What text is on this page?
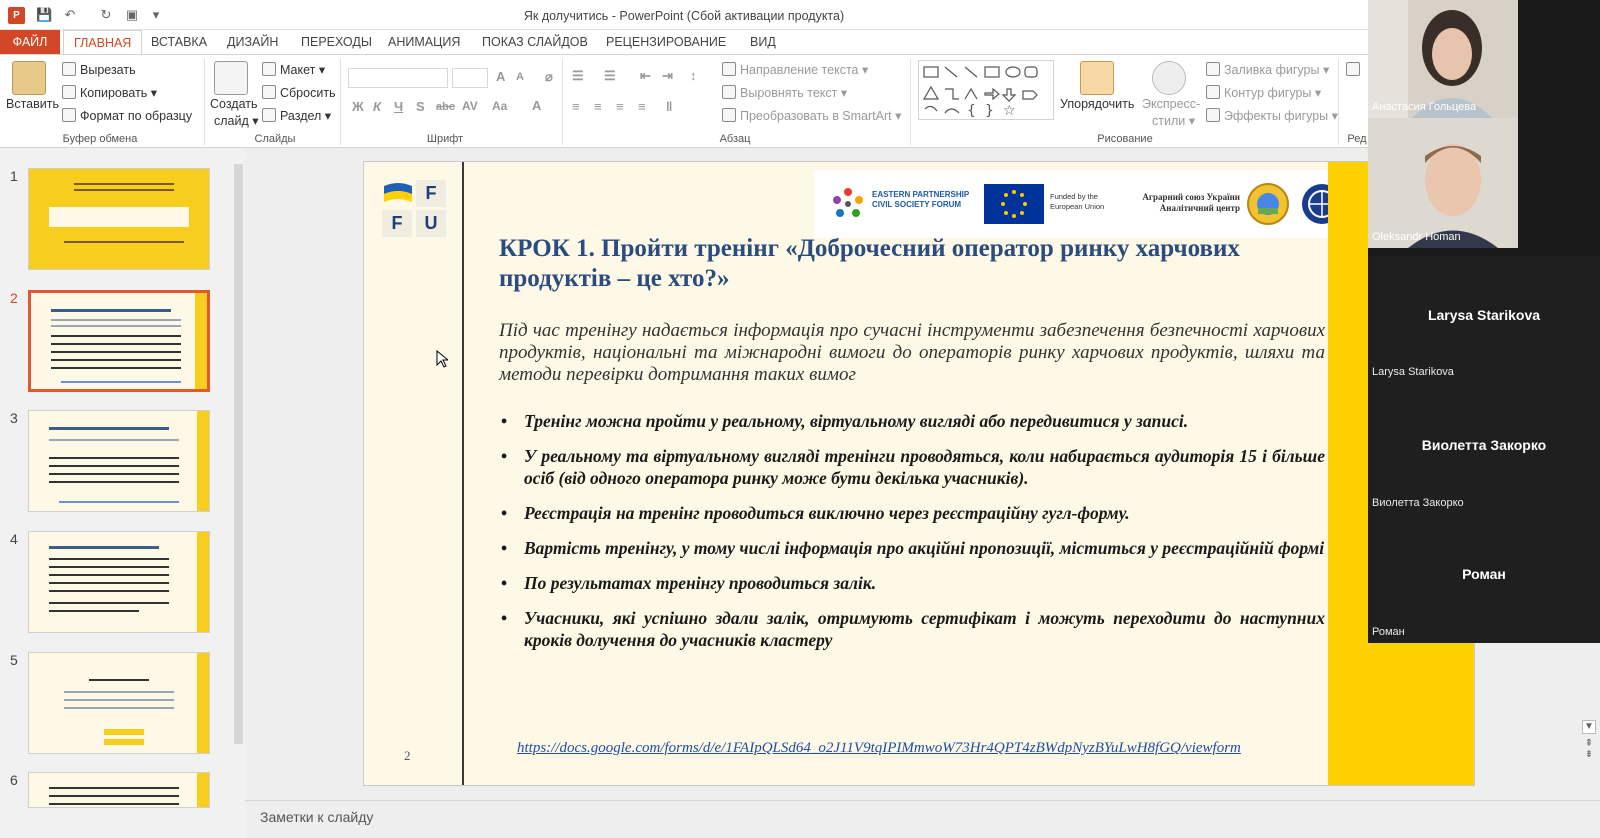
P	💾 ↶ ↻ ▣	▾	Як долучитись - PowerPoint (Сбой активации продукта)
ФАЙЛ	ГЛАВНАЯ	ВСТАВКА	ДИЗАЙН	ПЕРЕХОДЫ	АНИМАЦИЯ	ПОКАЗ СЛАЙДОВ	РЕЦЕНЗИРОВАНИЕ	ВИД
Вставить
Вырезать
Копировать ▾
Формат по образцу
Буфер обмена
Создать
слайд ▾
Макет ▾
Сбросить
Раздел ▾
Слайды
A A ⌀
Ж К Ч S abc AV Aa A
Шрифт
☰ ☰ ⇤ ⇥ ↕
≡ ≡ ≡ ≡ ‖
Направление текста ▾
Выровнять текст ▾
Преобразовать в SmartArt ▾
Абзац
{ } ☆	Упорядочить Экспресс-
стили ▾
Заливка фигуры ▾
Контур фигуры ▾
Эффекты фигуры ▾
Рисование	Ред
1
2
3
4
5
6
F
F	U
EASTERN PARTNERSHIP CIVIL SOCIETY FORUM
Funded by the European Union
Аграрний союз України Аналітичний центр
КРОК 1. Пройти тренінг «Доброчесний оператор ринку харчових продуктів – це хто?»
Під час тренінгу надається інформація про сучасні інструменти забезпечення безпечності харчових продуктів, національні та міжнародні вимоги до операторів ринку харчових продуктів, шляхи та методи перевірки дотримання таких вимог
• Тренінг можна пройти у реальному, віртуальному вигляді або передивитися у записі.
• У реальному та віртуальному вигляді тренінги проводяться, коли набирається аудиторія 15 і більше осіб (від одного оператора ринку може бути декілька учасників).
• Реєстрація на тренінг проводиться виключно через реєстраційну гугл-форму.
• Вартість тренінгу, у тому числі інформація про акційні пропозиції, міститься у реєстраційній формі
• По результатах тренінгу проводиться залік.
• Учасники, які успішно здали залік, отримують сертифікат і можуть переходити до наступних кроків долучення до учасників кластеру
https://docs.google.com/forms/d/e/1FAIpQLSd64_o2J11V9tqIPIMmwoW73Hr4QPT4zBWdpNyzBYuLwH8fGQ/viewform
2
Заметки к слайду
▼
⇞
⇟
Анастасия Гольцева
Oleksandr Homan
Larysa Starikova
Larysa Starikova
Виолетта Закорко
Виолетта Закорко
Роман
Роман
